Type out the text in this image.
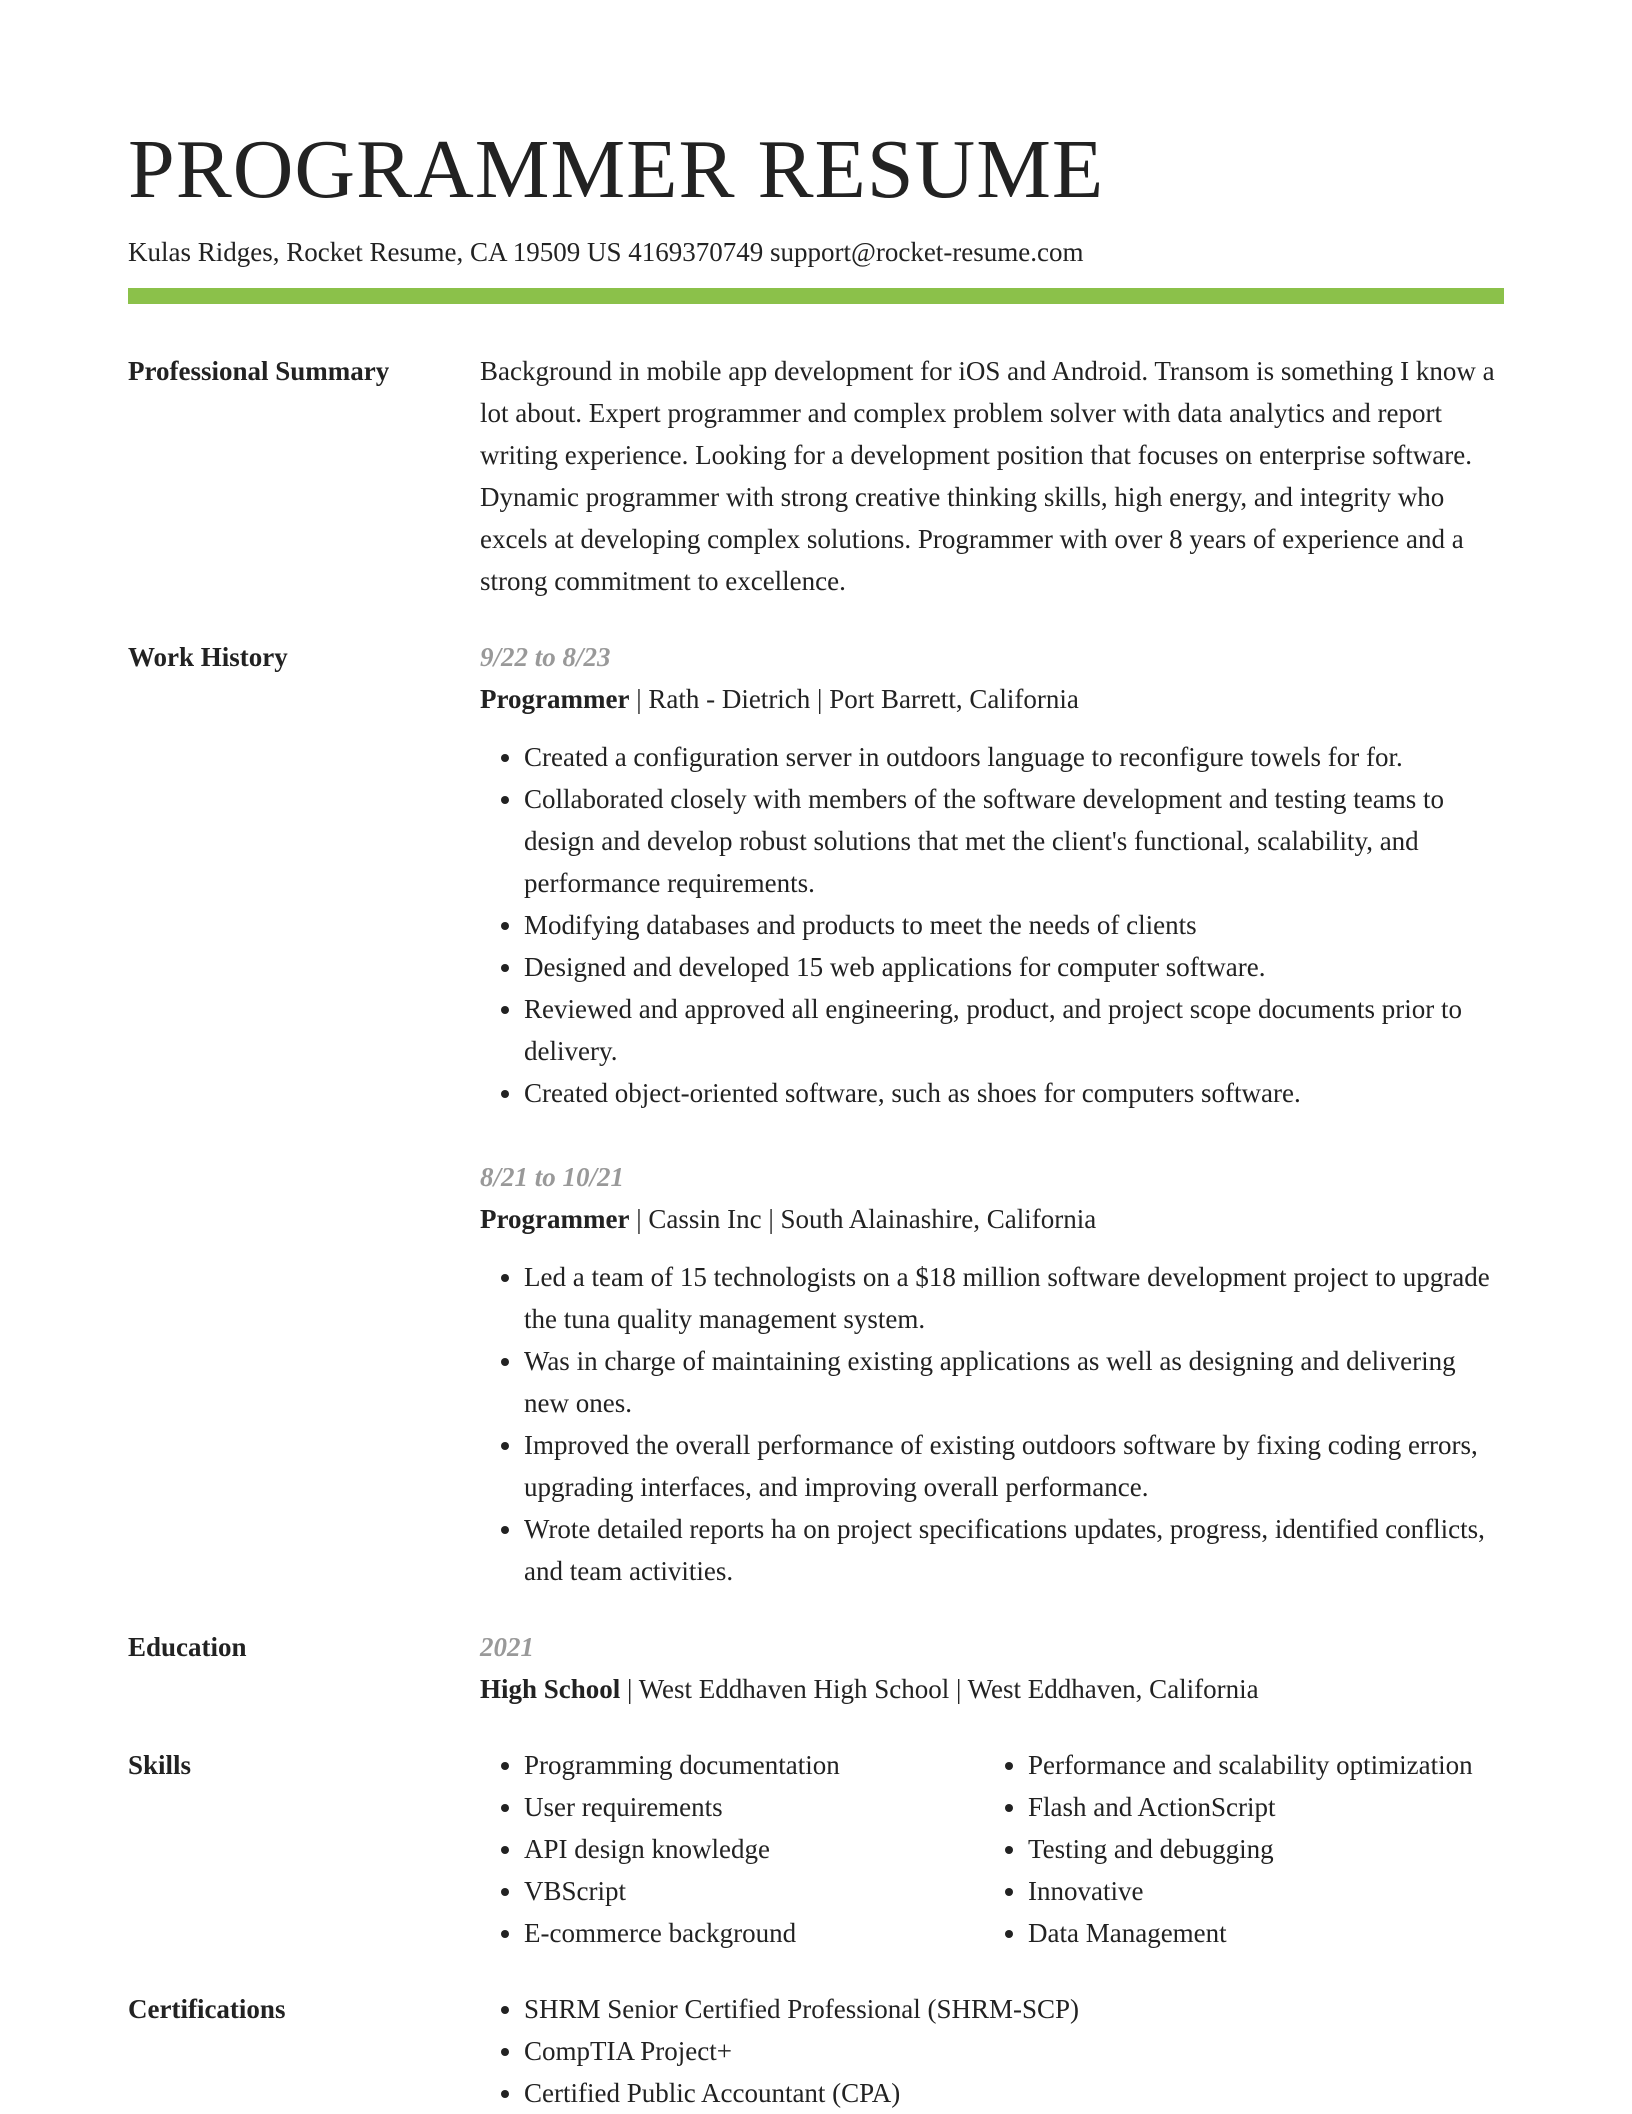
PROGRAMMER RESUME
Kulas Ridges, Rocket Resume, CA 19509 US 4169370749 support@rocket-resume.com
Professional Summary	Background in mobile app development for iOS and Android. Transom is something I know a lot about. Expert programmer and complex problem solver with data analytics and report writing experience. Looking for a development position that focuses on enterprise software. Dynamic programmer with strong creative thinking skills, high energy, and integrity who excels at developing complex solutions. Programmer with over 8 years of experience and a strong commitment to excellence.

Work History	9/22 to 8/23
Programmer | Rath - Dietrich | Port Barrett, California
• Created a configuration server in outdoors language to reconfigure towels for for.
• Collaborated closely with members of the software development and testing teams to design and develop robust solutions that met the client's functional, scalability, and performance requirements.
• Modifying databases and products to meet the needs of clients
• Designed and developed 15 web applications for computer software.
• Reviewed and approved all engineering, product, and project scope documents prior to delivery.
• Created object-oriented software, such as shoes for computers software.
8/21 to 10/21
Programmer | Cassin Inc | South Alainashire, California
• Led a team of 15 technologists on a $18 million software development project to upgrade the tuna quality management system.
• Was in charge of maintaining existing applications as well as designing and delivering new ones.
• Improved the overall performance of existing outdoors software by fixing coding errors, upgrading interfaces, and improving overall performance.
• Wrote detailed reports ha on project specifications updates, progress, identified conflicts, and team activities.
Education	2021
High School | West Eddhaven High School | West Eddhaven, California
Skills	• Programming documentation
• User requirements
• API design knowledge
• VBScript
• E-commerce background
• Performance and scalability optimization
• Flash and ActionScript
• Testing and debugging
• Innovative
• Data Management
Certifications	• SHRM Senior Certified Professional (SHRM-SCP)
• CompTIA Project+
• Certified Public Accountant (CPA)
